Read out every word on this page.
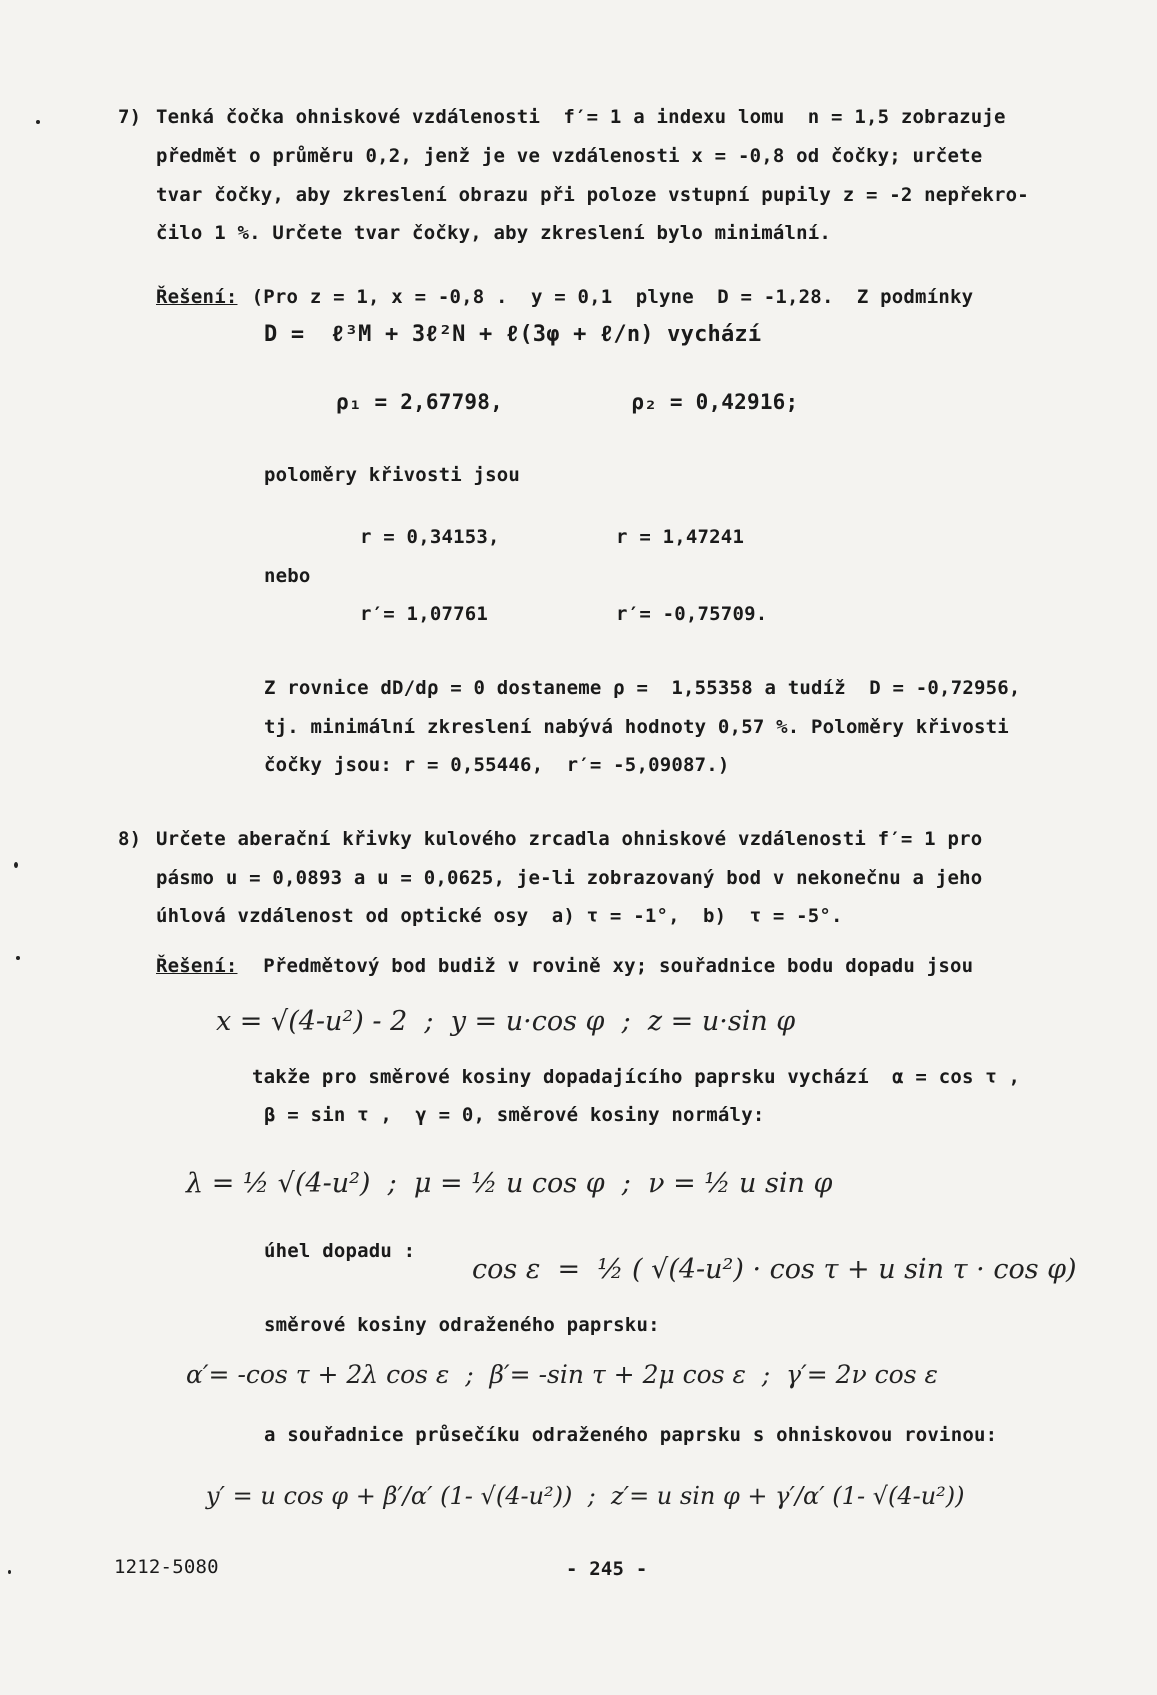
7) Tenká čočka ohniskové vzdálenosti  f′= 1 a indexu lomu  n = 1,5 zobrazuje
předmět o průměru 0,2, jenž je ve vzdálenosti x = -0,8 od čočky; určete
tvar čočky, aby zkreslení obrazu při poloze vstupní pupily z = -2 nepřekro-
čilo 1 %. Určete tvar čočky, aby zkreslení bylo minimální.
Řešení: (Pro z = 1, x = -0,8 .  y = 0,1  plyne  D = -1,28.  Z podmínky
D =  ℓ³M + 3ℓ²N + ℓ(3φ + ℓ/n) vychází
ρ₁ = 2,67798,          ρ₂ = 0,42916;
poloměry křivosti jsou
r = 0,34153,          r = 1,47241
nebo
r′= 1,07761           r′= -0,75709.
Z rovnice dD/dρ = 0 dostaneme ρ =  1,55358 a tudíž  D = -0,72956,
tj. minimální zkreslení nabývá hodnoty 0,57 %. Poloměry křivosti
čočky jsou: r = 0,55446,  r′= -5,09087.)
8) Určete aberační křivky kulového zrcadla ohniskové vzdálenosti f′= 1 pro
pásmo u = 0,0893 a u = 0,0625, je-li zobrazovaný bod v nekonečnu a jeho
úhlová vzdálenost od optické osy  a) τ = -1°,  b)  τ = -5°.
Řešení: Předmětový bod budiž v rovině xy; souřadnice bodu dopadu jsou
x = √(4-u²) - 2  ;  y = u·cos φ  ;  z = u·sin φ
takže pro směrové kosiny dopadajícího paprsku vychází  α = cos τ ,
β = sin τ ,  γ = 0, směrové kosiny normály:
λ = ½ √(4-u²)  ;  μ = ½ u cos φ  ;  ν = ½ u sin φ
úhel dopadu :
cos ε  =  ½ ( √(4-u²) · cos τ + u sin τ · cos φ)
směrové kosiny odraženého paprsku:
α′= -cos τ + 2λ cos ε  ;  β′= -sin τ + 2μ cos ε  ;  γ′= 2ν cos ε
a souřadnice průsečíku odraženého paprsku s ohniskovou rovinou:
y′ = u cos φ + β′/α′ (1- √(4-u²))  ;  z′= u sin φ + γ′/α′ (1- √(4-u²))
1212-5080	- 245 -
